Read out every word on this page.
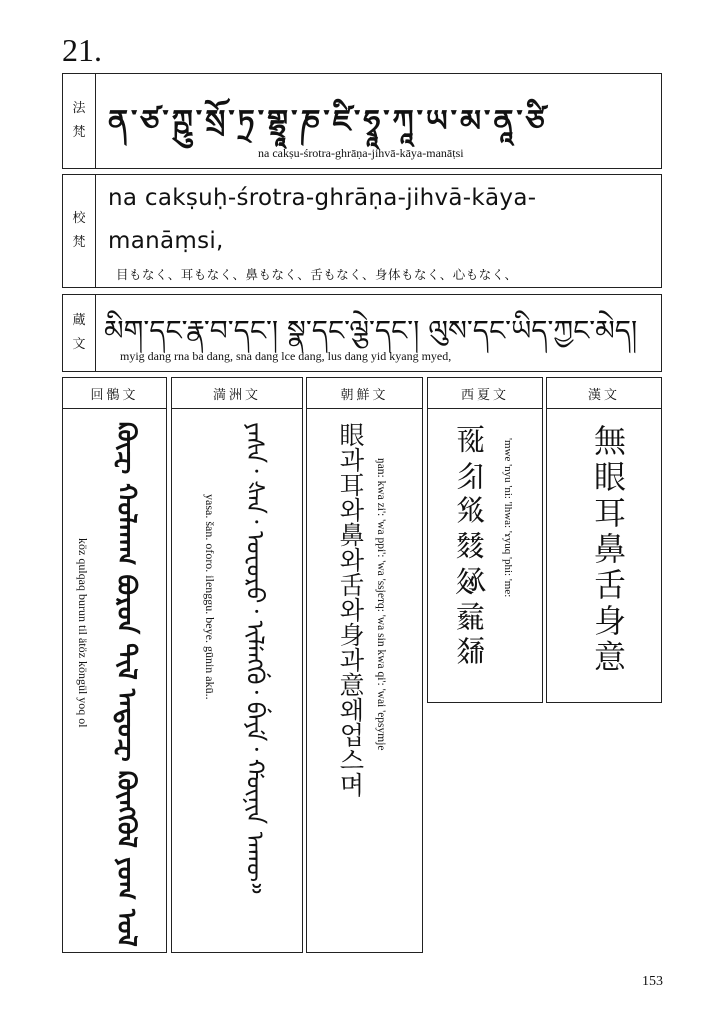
21.
法
梵 ན་ཙ་ཀྵུ་སྲོ་ཏྲ་གྷྲཱ་ཎ་ཛི་ཧྭཱ་ཀཱ་ཡ་མ་ནཱ་ཙི
na cakṣu-śrotra-ghrāṇa-jihvā-kāya-manāṭsi
校
梵
na cakṣuḥ-śrotra-ghrāṇa-jihvā-kāya-
manāṃsi,
目もなく、耳もなく、鼻もなく、舌もなく、身体もなく、心もなく、
蔵
文 མིག་དང་རྣ་བ་དང་། སྣ་དང་ལྕེ་དང་། ལུས་དང་ཡིད་ཀྱང་མེད།
myig dang rna ba dang, sna dang lce dang, lus dang yid kyang myed,
回鶻文
ᠺᠥᠽ ᠬᠤᠯᠬᠠᠬ ᠪᠤᠷᠤᠨ ᠲᠢᠯ ᠠᠲᠥᠽ ᠺᠥᠩᠬᠦᠯ ᠶᠣᠬ ᠣᠯ
köz qulqaq burun til ätöz köngül yoq ol
満洲文
ᠶᠠᠰᠠ᠂ ᡧᠠᠨ᠂ ᠣᡶᠣᡵᠣ᠂ ᡳᠯᡝᠩᡤᡠ᠂ ᠪᡝᠶᡝ᠂ ᡤᡡᠨᡳᠨ ᠠᡴᡡ᠉
yasa. šan. oforo. ilenggu. beye. gūnin akū..
朝鮮文
眼과耳와鼻와舌와身과意왜업스며 ŋan: kwa zi': 'wa ppi': 'wa 'ssjeтq: 'wa sin kwa qi': 'wai 'epsymje
西夏文
𗀔𗼃𗊝𘙌𗫻𗈞𘀄 'mwe 'nyu 'ni: 'lhwa: 'ɤyuq 'phi: 'me:
漢文
無眼耳鼻舌身意
153
